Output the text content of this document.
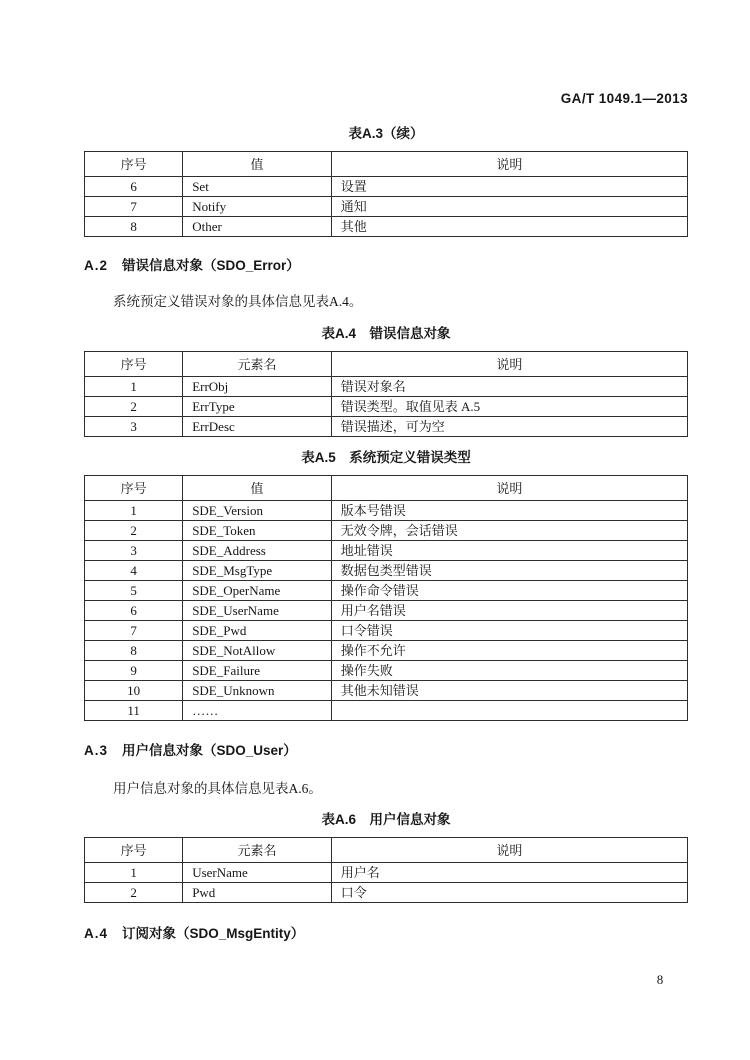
GA/T 1049.1—2013
表A.3（续）
序号	值	说明
6	Set	设置
7	Notify	通知
8	Other	其他
A.2 错误信息对象（SDO_Error）

系统预定义错误对象的具体信息见表A.4。

表A.4　错误信息对象
序号	元素名	说明
1	ErrObj	错误对象名
2	ErrType	错误类型。取值见表 A.5
3	ErrDesc	错误描述，可为空
表A.5　系统预定义错误类型
序号	值	说明
1	SDE_Version	版本号错误
2	SDE_Token	无效令牌，会话错误
3	SDE_Address	地址错误
4	SDE_MsgType	数据包类型错误
5	SDE_OperName	操作命令错误
6	SDE_UserName	用户名错误
7	SDE_Pwd	口令错误
8	SDE_NotAllow	操作不允许
9	SDE_Failure	操作失败
10	SDE_Unknown	其他未知错误
11	……	
A.3 用户信息对象（SDO_User）

用户信息对象的具体信息见表A.6。

表A.6　用户信息对象
序号	元素名	说明
1	UserName	用户名
2	Pwd	口令
A.4 订阅对象（SDO_MsgEntity）
8
